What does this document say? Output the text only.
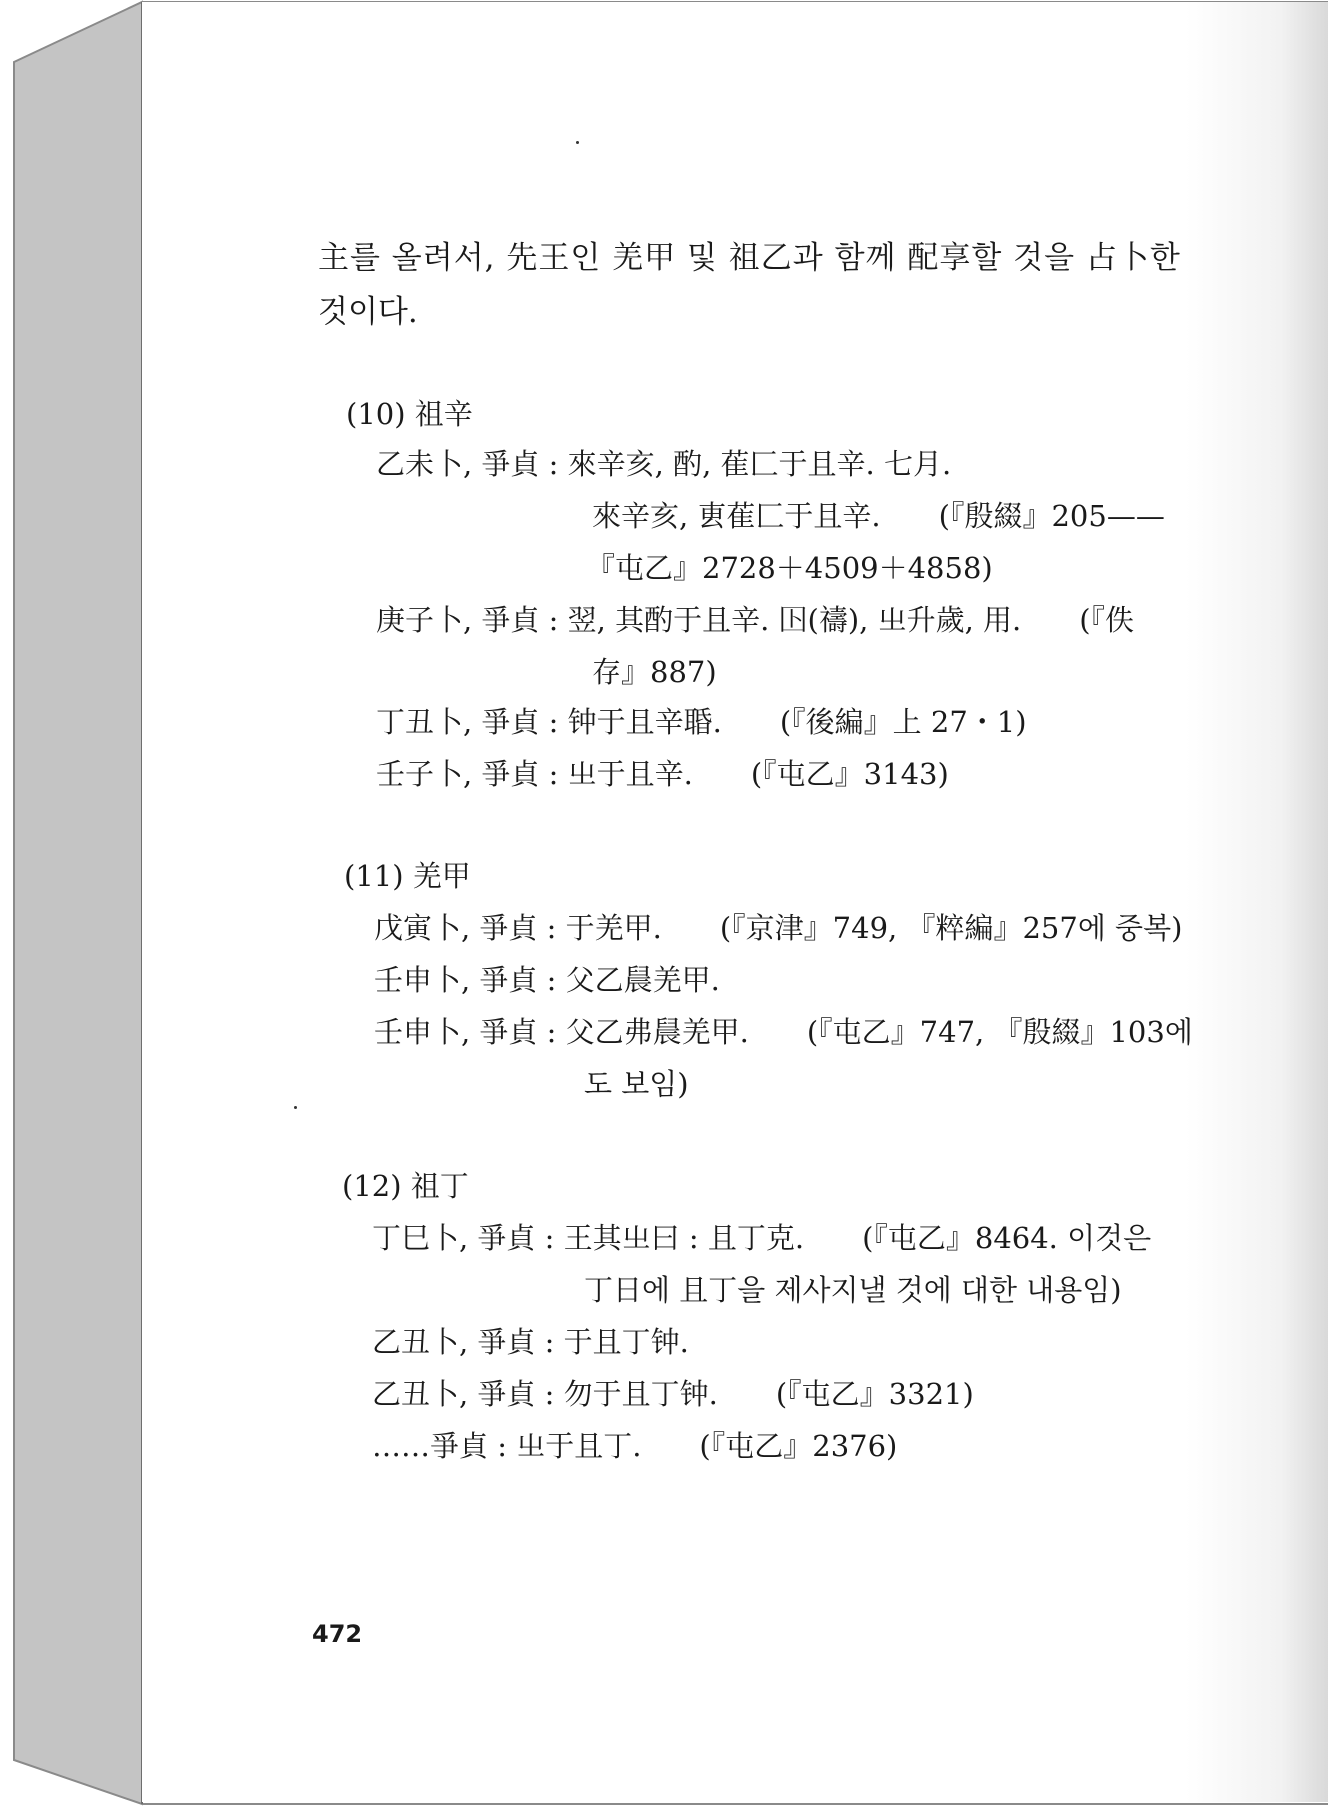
主를 올려서, 先王인 羌甲 및 祖乙과 함께 配享할 것을 占卜한
것이다.
(10) 祖辛
乙未卜, 爭貞 : 來辛亥, 酌, 萑匚于且辛. 七月.
來辛亥, 叀萑匚于且辛.　　(『殷綴』205——
『屯乙』2728＋4509＋4858)
庚子卜, 爭貞 : 翌, 其酌于且辛. 𡆥(禱), 㞢升歲, 用.　　(『佚
存』887)
丁丑卜, 爭貞 : 钟于且辛䎽.　　(『後編』上 27・1)
壬子卜, 爭貞 : 㞢于且辛.　　(『屯乙』3143)
(11) 羌甲
戊寅卜, 爭貞 : 于羌甲.　　(『京津』749, 『粹編』257에 중복)
壬申卜, 爭貞 : 父乙䢅羌甲.
壬申卜, 爭貞 : 父乙弗䢅羌甲.　　(『屯乙』747, 『殷綴』103에
도 보임)
(12) 祖丁
丁巳卜, 爭貞 : 王其㞢曰 : 且丁克.　　(『屯乙』8464. 이것은
丁日에 且丁을 제사지낼 것에 대한 내용임)
乙丑卜, 爭貞 : 于且丁钟.
乙丑卜, 爭貞 : 勿于且丁钟.　　(『屯乙』3321)
……爭貞 : 㞢于且丁.　　(『屯乙』2376)
472
